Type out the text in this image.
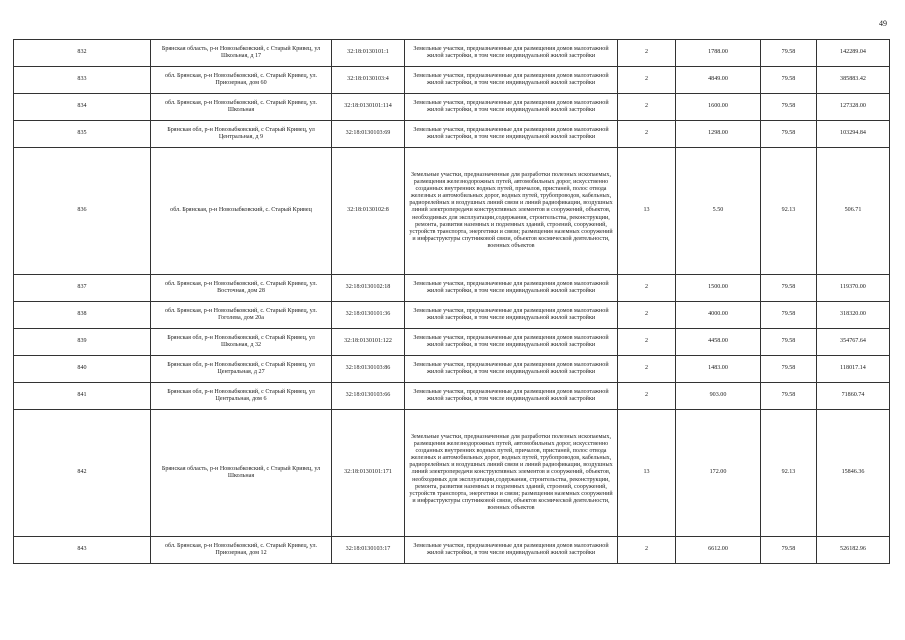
49
832	Брянская область, р-н Новозыбковский, с Старый Кривец, ул Школьная, д 17	32:18:0130101:1	Земельные участки, предназначенные для размещения домов малоэтажной жилой застройки, в том числе индивидуальной жилой застройки	2	1788.00	79.58	142289.04
833	обл. Брянская, р-н Новозыбковский, с. Старый Кривец, ул. Приозерная, дом 60	32:18:0130103:4	Земельные участки, предназначенные для размещения домов малоэтажной жилой застройки, в том числе индивидуальной жилой застройки	2	4849.00	79.58	385883.42
834	обл. Брянская, р-н Новозыбковский, с. Старый Кривец, ул. Школьная	32:18:0130101:114	Земельные участки, предназначенные для размещения домов малоэтажной жилой застройки, в том числе индивидуальной жилой застройки	2	1600.00	79.58	127328.00
835	Брянская обл, р-н Новозыбковский, с Старый Кривец, ул Центральная, д 9	32:18:0130103:69	Земельные участки, предназначенные для размещения домов малоэтажной жилой застройки, в том числе индивидуальной жилой застройки	2	1298.00	79.58	103294.84
836	обл. Брянская, р-н Новозыбковский, с. Старый Кривец	32:18:0130102:8	Земельные участки, предназначенные для разработки полезных ископаемых, размещения железнодорожных путей, автомобильных дорог, искусственно созданных внутренних водных путей, причалов, пристаней, полос отвода железных и автомобильных дорог, водных путей, трубопроводов, кабельных, радиорелейных и воздушных линий связи и линий радиофикации, воздушных линий электропередачи конструктивных элементов и сооружений, объектов, необходимых для эксплуатации,содержания, строительства, реконструкции, ремонта, развития наземных и подземных зданий, строений, сооружений, устройств транспорта, энергетики и связи; размещения наземных сооружений и инфраструктуры спутниковой связи, объектов космической деятельности, военных объектов	13	5.50	92.13	506.71
837	обл. Брянская, р-н Новозыбковский, с. Старый Кривец, ул. Восточная, дом 28	32:18:0130102:18	Земельные участки, предназначенные для размещения домов малоэтажной жилой застройки, в том числе индивидуальной жилой застройки	2	1500.00	79.58	119370.00
838	обл. Брянская, р-н Новозыбковский, с. Старый Кривец, ул. Гоголева, дом 20а	32:18:0130101:36	Земельные участки, предназначенные для размещения домов малоэтажной жилой застройки, в том числе индивидуальной жилой застройки	2	4000.00	79.58	318320.00
839	Брянская обл, р-н Новозыбковский, с Старый Кривец, ул Школьная, д 32	32:18:0130101:122	Земельные участки, предназначенные для размещения домов малоэтажной жилой застройки, в том числе индивидуальной жилой застройки	2	4458.00	79.58	354767.64
840	Брянская обл, р-н Новозыбковский, с Старый Кривец, ул Центральная, д 27	32:18:0130103:86	Земельные участки, предназначенные для размещения домов малоэтажной жилой застройки, в том числе индивидуальной жилой застройки	2	1483.00	79.58	118017.14
841	Брянская обл, р-н Новозыбковский, с Старый Кривец, ул Центральная, дом 6	32:18:0130103:66	Земельные участки, предназначенные для размещения домов малоэтажной жилой застройки, в том числе индивидуальной жилой застройки	2	903.00	79.58	71860.74
842	Брянская область, р-н Новозыбковский, с Старый Кривец, ул Школьная	32:18:0130101:171	Земельные участки, предназначенные для разработки полезных ископаемых, размещения железнодорожных путей, автомобильных дорог, искусственно созданных внутренних водных путей, причалов, пристаней, полос отвода железных и автомобильных дорог, водных путей, трубопроводов, кабельных, радиорелейных и воздушных линий связи и линий радиофикации, воздушных линий электропередачи конструктивных элементов и сооружений, объектов, необходимых для эксплуатации,содержания, строительства, реконструкции, ремонта, развития наземных и подземных зданий, строений, сооружений, устройств транспорта, энергетики и связи; размещения наземных сооружений и инфраструктуры спутниковой связи, объектов космической деятельности, военных объектов	13	172.00	92.13	15846.36
843	обл. Брянская, р-н Новозыбковский, с. Старый Кривец, ул. Приозерная, дом 12	32:18:0130103:17	Земельные участки, предназначенные для размещения домов малоэтажной жилой застройки, в том числе индивидуальной жилой застройки	2	6612.00	79.58	526182.96
